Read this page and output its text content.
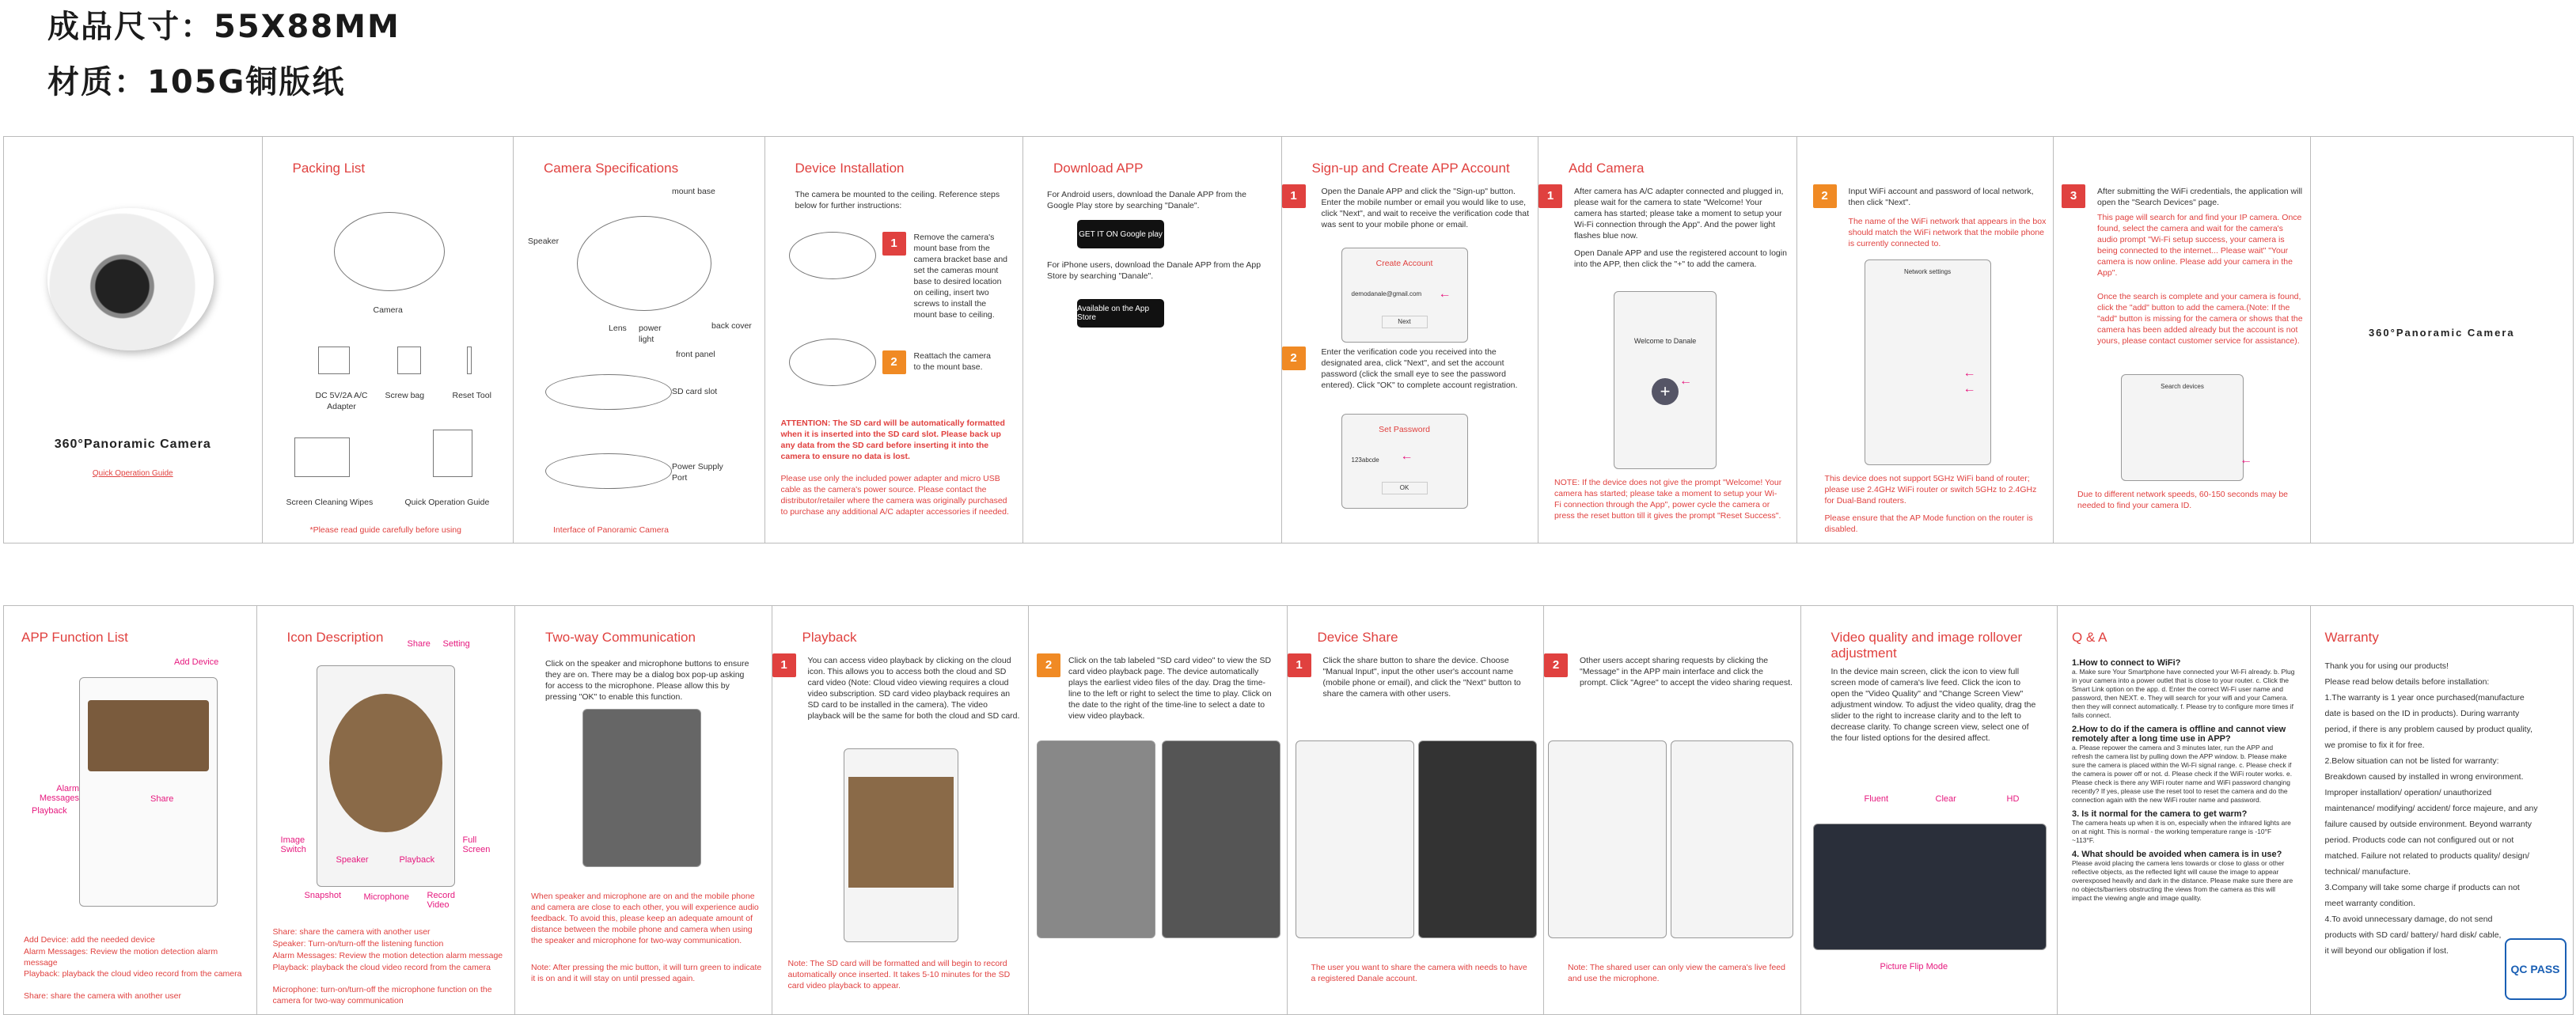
成品尺寸：55X88MM
材质：105G铜版纸
360°Panoramic Camera
Quick Operation Guide
Packing List
Camera
DC 5V/2A A/C Adapter
Screw bag	Reset Tool
Screen Cleaning Wipes	Quick Operation Guide
*Please read guide carefully before using
Camera Specifications
mount base
Speaker
Lens power light
back cover
front panel
SD card slot
Power Supply Port
Interface of Panoramic Camera
Device Installation
The camera be mounted to the ceiling. Reference steps below for further instructions:
1	Remove the camera's mount base from the camera bracket base and set the cameras mount base to desired location on ceiling, insert two screws to install the mount base to ceiling.
2	Reattach the camera to the mount base.
ATTENTION: The SD card will be automatically formatted when it is inserted into the SD card slot. Please back up any data from the SD card before inserting it into the camera to ensure no data is lost.
Please use only the included power adapter and micro USB cable as the camera's power source. Please contact the distributor/retailer where the camera was originally purchased to purchase any additional A/C adapter accessories if needed.
Download APP
For Android users, download the Danale APP from the Google Play store by searching "Danale".
GET IT ON Google play
For iPhone users, download the Danale APP from the App Store by searching "Danale".
Available on the App Store
Sign-up and Create APP Account
1	Open the Danale APP and click the "Sign-up" button. Enter the mobile number or email you would like to use, click "Next", and wait to receive the verification code that was sent to your mobile phone or email.
Create Account
demodanale@gmail.com
Next
←
2	Enter the verification code you received into the designated area, click "Next", and set the account password (click the small eye to see the password entered). Click "OK" to complete account registration.
Set Password
123abcde
OK
←
Add Camera
1	After camera has A/C adapter connected and plugged in, please wait for the camera to state "Welcome! Your camera has started; please take a moment to setup your Wi-Fi connection through the App". And the power light flashes blue now.
Open Danale APP and use the registered account to login into the APP, then click the "+" to add the camera.
Welcome to Danale
+
←
NOTE: If the device does not give the prompt "Welcome! Your camera has started; please take a moment to setup your Wi-Fi connection through the App", power cycle the camera or press the reset button till it gives the prompt "Reset Success".
2	Input WiFi account and password of local network, then click "Next".
The name of the WiFi network that appears in the box should match the WiFi network that the mobile phone is currently connected to.
Network settings
←
←
This device does not support 5GHz WiFi band of router; please use 2.4GHz WiFi router or switch 5GHz to 2.4GHz for Dual-Band routers.
Please ensure that the AP Mode function on the router is disabled.
3	After submitting the WiFi credentials, the application will open the "Search Devices" page.
This page will search for and find your IP camera. Once found, select the camera and wait for the camera's audio prompt "Wi-Fi setup success, your camera is being connected to the internet... Please wait" "Your camera is now online. Please add your camera in the App".
Once the search is complete and your camera is found, click the "add" button to add the camera.(Note: If the "add" button is missing for the camera or shows that the camera has been added already but the account is not yours, please contact customer service for assistance).
Search devices
←
Due to different network speeds, 60-150 seconds may be needed to find your camera ID.
360°Panoramic Camera
APP Function List
Add Device
Alarm Messages
Playback
Share
Add Device: add the needed device
Alarm Messages: Review the motion detection alarm message
Playback: playback the cloud video record from the camera
Share: share the camera with another user
Icon Description	Share Setting
Image Switch
Speaker	Playback
Full Screen
Snapshot	Microphone Record Video
Share: share the camera with another user
Speaker: Turn-on/turn-off the listening function
Alarm Messages: Review the motion detection alarm message
Playback: playback the cloud video record from the camera
Microphone: turn-on/turn-off the microphone function on the camera for two-way communication
Two-way Communication
Click on the speaker and microphone buttons to ensure they are on. There may be a dialog box pop-up asking for access to the microphone. Please allow this by pressing "OK" to enable this function.
When speaker and microphone are on and the mobile phone and camera are close to each other, you will experience audio feedback. To avoid this, please keep an adequate amount of distance between the mobile phone and camera when using the speaker and microphone for two-way communication.
Note: After pressing the mic button, it will turn green to indicate it is on and it will stay on until pressed again.
Playback
1	You can access video playback by clicking on the cloud icon. This allows you to access both the cloud and SD card video (Note: Cloud video viewing requires a cloud video subscription. SD card video playback requires an SD card to be installed in the camera). The video playback will be the same for both the cloud and SD card.
Note: The SD card will be formatted and will begin to record automatically once inserted. It takes 5-10 minutes for the SD card video playback to appear.
2	Click on the tab labeled "SD card video" to view the SD card video playback page. The device automatically plays the earliest video files of the day. Drag the time-line to the left or right to select the time to play. Click on the date to the right of the time-line to select a date to view video playback.
Device Share
1	Click the share button to share the device. Choose "Manual Input", input the other user's account name (mobile phone or email), and click the "Next" button to share the camera with other users.
The user you want to share the camera with needs to have a registered Danale account.
2	Other users accept sharing requests by clicking the "Message" in the APP main interface and click the prompt. Click "Agree" to accept the video sharing request.
Note: The shared user can only view the camera's live feed and use the microphone.
Video quality and image rollover adjustment
In the device main screen, click the icon to view full screen mode of camera's live feed. Click the icon to open the "Video Quality" and "Change Screen View" adjustment window. To adjust the video quality, drag the slider to the right to increase clarity and to the left to decrease clarity. To change screen view, select one of the four listed options for the desired affect.
Fluent	Clear	HD
Picture Flip Mode
Q & A
1.How to connect to WiFi?
a. Make sure Your Smartphone have connected your Wi-Fi already. b. Plug in your camera into a power outlet that is close to your router. c. Click the Smart Link option on the app. d. Enter the correct Wi-Fi user name and password, then NEXT. e. They will search for your wifi and your Camera. then they will connect automatically. f. Please try to configure more times if fails connect.
2.How to do if the camera is offline and cannot view remotely after a long time use in APP?
a. Please repower the camera and 3 minutes later, run the APP and refresh the camera list by pulling down the APP window. b. Please make sure the camera is placed within the Wi-Fi signal range. c. Please check if the camera is power off or not. d. Please check if the WiFi router works. e. Please check is there any WiFi router name and WiFi password changing recently? If yes, please use the reset tool to reset the camera and do the connection again with the new WiFi router name and password.
3. Is it normal for the camera to get warm?
The camera heats up when it is on, especially when the infrared lights are on at night. This is normal - the working temperature range is -10°F ~113°F.
4. What should be avoided when camera is in use?
Please avoid placing the camera lens towards or close to glass or other reflective objects, as the reflected light will cause the image to appear overexposed heavily and dark in the distance. Please make sure there are no objects/barriers obstructing the views from the camera as this will impact the viewing angle and image quality.
Warranty
Thank you for using our products!
Please read below details before installation:
1.The warranty is 1 year once purchased(manufacture date is based on the ID in products). During warranty period, if there is any problem caused by product quality, we promise to fix it for free.
2.Below situation can not be listed for warranty: Breakdown caused by installed in wrong environment. Improper installation/ operation/ unauthorized maintenance/ modifying/ accident/ force majeure, and any failure caused by outside environment. Beyond warranty period. Products code can not configured out or not matched. Failure not related to products quality/ design/ technical/ manufacture.
3.Company will take some charge if products can not meet warranty condition.
4.To avoid unnecessary damage, do not send products with SD card/ battery/ hard disk/ cable, it will beyond our obligation if lost.
QC PASS
